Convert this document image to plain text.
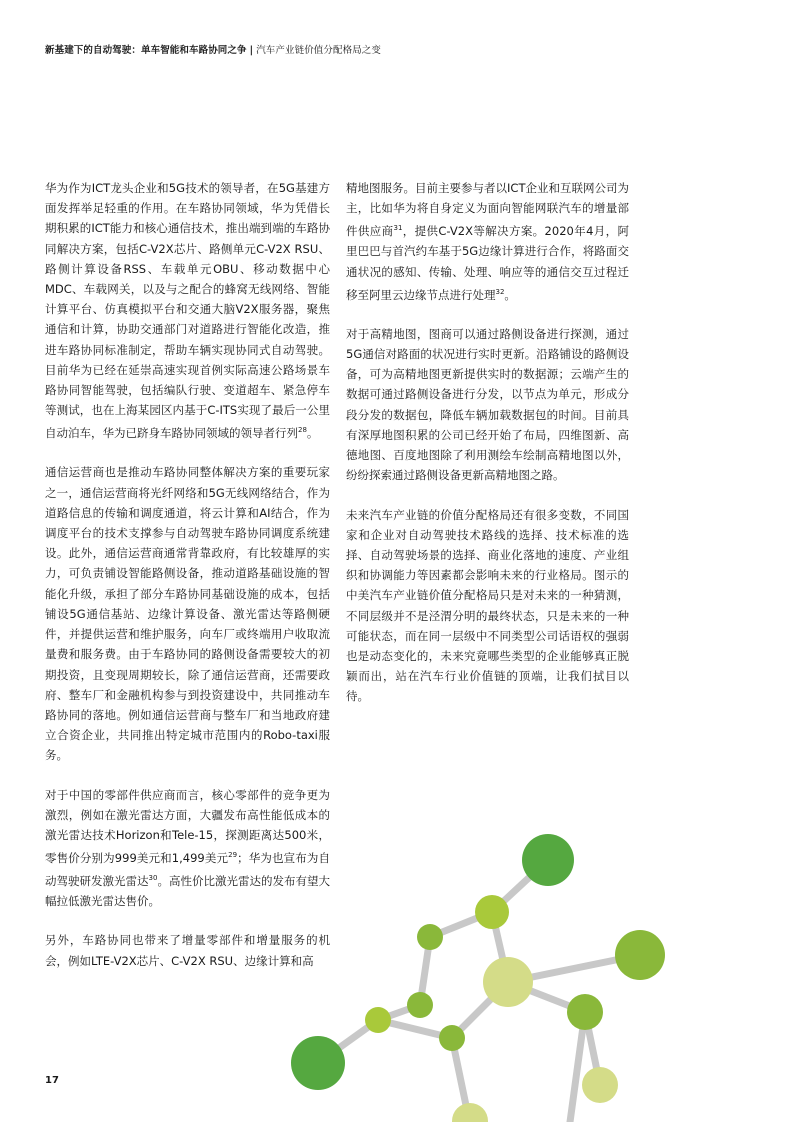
新基建下的自动驾驶：单车智能和车路协同之争 | 汽车产业链价值分配格局之变

华为作为ICT龙头企业和5G技术的领导者，在5G基建方面发挥举足轻重的作用。在车路协同领域，华为凭借长期积累的ICT能力和核心通信技术，推出端到端的车路协同解决方案，包括C-V2X芯片、路侧单元C-V2X RSU、路侧计算设备RSS、车载单元OBU、移动数据中心MDC、车载网关，以及与之配合的蜂窝无线网络、智能计算平台、仿真模拟平台和交通大脑V2X服务器，聚焦通信和计算，协助交通部门对道路进行智能化改造，推进车路协同标准制定，帮助车辆实现协同式自动驾驶。目前华为已经在延崇高速实现首例实际高速公路场景车路协同智能驾驶，包括编队行驶、变道超车、紧急停车等测试，也在上海某园区内基于C-ITS实现了最后一公里自动泊车，华为已跻身车路协同领域的领导者行列$^{28}$。

通信运营商也是推动车路协同整体解决方案的重要玩家之一，通信运营商将光纤网络和5G无线网络结合，作为道路信息的传输和调度通道，将云计算和AI结合，作为调度平台的技术支撑参与自动驾驶车路协同调度系统建设。此外，通信运营商通常背靠政府，有比较雄厚的实力，可负责铺设智能路侧设备，推动道路基础设施的智能化升级，承担了部分车路协同基础设施的成本，包括铺设5G通信基站、边缘计算设备、激光雷达等路侧硬件，并提供运营和维护服务，向车厂或终端用户收取流量费和服务费。由于车路协同的路侧设备需要较大的初期投资，且变现周期较长，除了通信运营商，还需要政府、整车厂和金融机构参与到投资建设中，共同推动车路协同的落地。例如通信运营商与整车厂和当地政府建立合资企业，共同推出特定城市范围内的Robo-taxi服务。

对于中国的零部件供应商而言，核心零部件的竞争更为激烈，例如在激光雷达方面，大疆发布高性能低成本的激光雷达技术Horizon和Tele-15，探测距离达500米，零售价分别为999美元和1,499美元$^{29}$；华为也宣布为自动驾驶研发激光雷达$^{30}$。高性价比激光雷达的发布有望大幅拉低激光雷达售价。

另外，车路协同也带来了增量零部件和增量服务的机会，例如LTE-V2X芯片、C-V2X RSU、边缘计算和高

精地图服务。目前主要参与者以ICT企业和互联网公司为主，比如华为将自身定义为面向智能网联汽车的增量部件供应商$^{31}$，提供C-V2X等解决方案。2020年4月，阿里巴巴与首汽约车基于5G边缘计算进行合作，将路面交通状况的感知、传输、处理、响应等的通信交互过程迁移至阿里云边缘节点进行处理$^{32}$。

对于高精地图，图商可以通过路侧设备进行探测，通过5G通信对路面的状况进行实时更新。沿路铺设的路侧设备，可为高精地图更新提供实时的数据源；云端产生的数据可通过路侧设备进行分发，以节点为单元，形成分段分发的数据包，降低车辆加载数据包的时间。目前具有深厚地图积累的公司已经开始了布局，四维图新、高德地图、百度地图除了利用测绘车绘制高精地图以外，纷纷探索通过路侧设备更新高精地图之路。

未来汽车产业链的价值分配格局还有很多变数，不同国家和企业对自动驾驶技术路线的选择、技术标准的选择、自动驾驶场景的选择、商业化落地的速度、产业组织和协调能力等因素都会影响未来的行业格局。图示的中美汽车产业链价值分配格局只是对未来的一种猜测，不同层级并不是泾渭分明的最终状态，只是未来的一种可能状态，而在同一层级中不同类型公司话语权的强弱也是动态变化的，未来究竟哪些类型的企业能够真正脱颖而出，站在汽车行业价值链的顶端，让我们拭目以待。

17
